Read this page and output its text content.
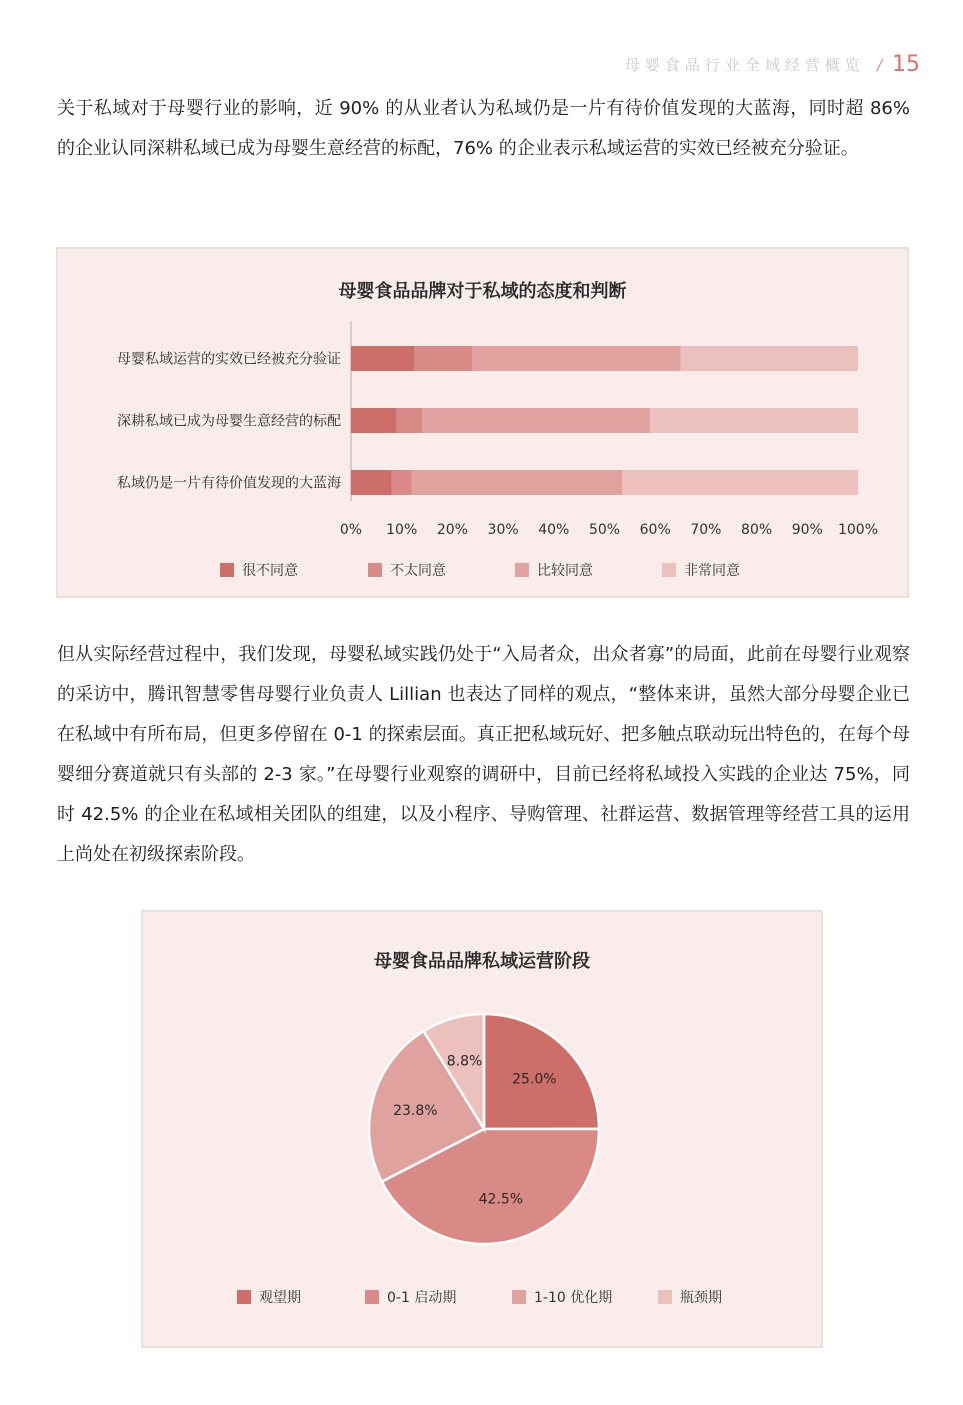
母婴食品行业全域经营概览 / 15

关于私域对于母婴行业的影响，近 90% 的从业者认为私域仍是一片有待价值发现的大蓝海，同时超 86% 的企业认同深耕私域已成为母婴生意经营的标配，76% 的企业表示私域运营的实效已经被充分验证。

母婴食品品牌对于私域的态度和判断
母婴私域运营的实效已经被充分验证
深耕私域已成为母婴生意经营的标配
私域仍是一片有待价值发现的大蓝海
0% 10% 20% 30% 40% 50% 60% 70% 80% 90% 100%
很不同意	不太同意	比较同意	非常同意

但从实际经营过程中，我们发现，母婴私域实践仍处于“入局者众，出众者寡”的局面，此前在母婴行业观察的采访中，腾讯智慧零售母婴行业负责人 Lillian 也表达了同样的观点，“整体来讲，虽然大部分母婴企业已在私域中有所布局，但更多停留在 0-1 的探索层面。真正把私域玩好、把多触点联动玩出特色的，在每个母婴细分赛道就只有头部的 2-3 家。”在母婴行业观察的调研中，目前已经将私域投入实践的企业达 75%，同时 42.5% 的企业在私域相关团队的组建，以及小程序、导购管理、社群运营、数据管理等经营工具的运用上尚处在初级探索阶段。

母婴食品品牌私域运营阶段
25.0%
42.5%
23.8%
8.8%
观望期	0-1 启动期	1-10 优化期	瓶颈期
